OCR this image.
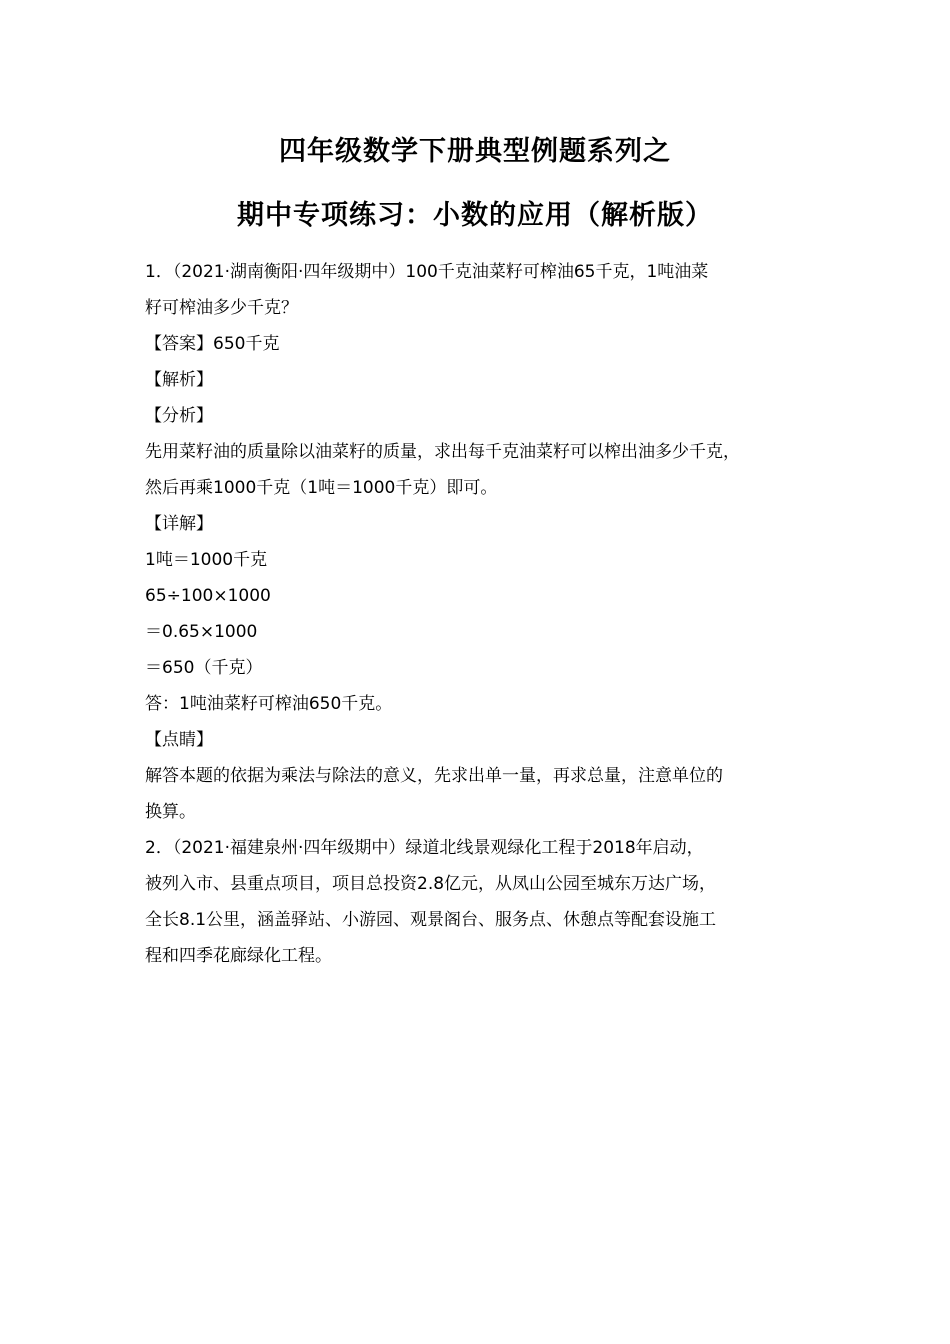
四年级数学下册典型例题系列之
期中专项练习：小数的应用（解析版）
1．（2021·湖南衡阳·四年级期中）100千克油菜籽可榨油65千克，1吨油菜
籽可榨油多少千克？
【答案】650千克
【解析】
【分析】
先用菜籽油的质量除以油菜籽的质量，求出每千克油菜籽可以榨出油多少千克，
然后再乘1000千克（1吨＝1000千克）即可。
【详解】
1吨＝1000千克
65÷100×1000
＝0.65×1000
＝650（千克）
答：1吨油菜籽可榨油650千克。
【点睛】
解答本题的依据为乘法与除法的意义，先求出单一量，再求总量，注意单位的
换算。
2．（2021·福建泉州·四年级期中）绿道北线景观绿化工程于2018年启动，
被列入市、县重点项目，项目总投资2.8亿元，从凤山公园至城东万达广场，
全长8.1公里，涵盖驿站、小游园、观景阁台、服务点、休憩点等配套设施工
程和四季花廊绿化工程。
